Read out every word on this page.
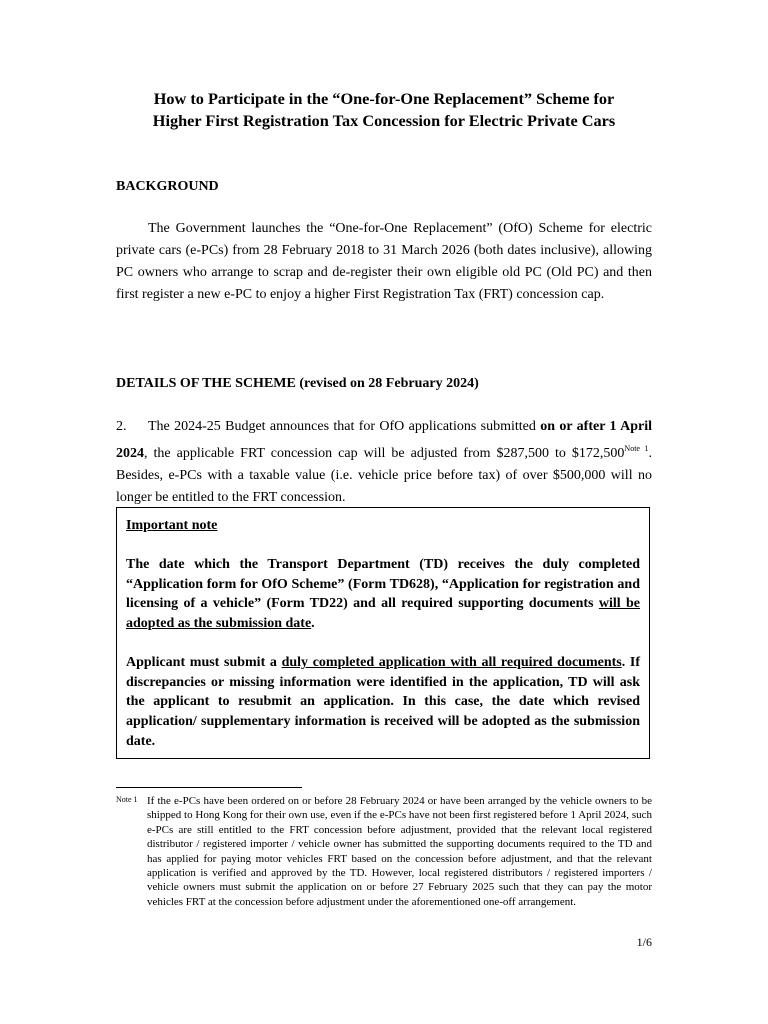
How to Participate in the “One-for-One Replacement” Scheme for
Higher First Registration Tax Concession for Electric Private Cars
BACKGROUND
The Government launches the “One-for-One Replacement” (OfO) Scheme for electric private cars (e-PCs) from 28 February 2018 to 31 March 2026 (both dates inclusive), allowing PC owners who arrange to scrap and de-register their own eligible old PC (Old PC) and then first register a new e-PC to enjoy a higher First Registration Tax (FRT) concession cap.
DETAILS OF THE SCHEME (revised on 28 February 2024)
2. The 2024-25 Budget announces that for OfO applications submitted on or after 1 April 2024, the applicable FRT concession cap will be adjusted from $287,500 to $\$172,500^{Note 1}$. Besides, e-PCs with a taxable value (i.e. vehicle price before tax) of over $500,000 will no longer be entitled to the FRT concession.

Important note

The date which the Transport Department (TD) receives the duly completed “Application form for OfO Scheme” (Form TD628), “Application for registration and licensing of a vehicle” (Form TD22) and all required supporting documents will be adopted as the submission date.

Applicant must submit a duly completed application with all required documents. If discrepancies or missing information were identified in the application, TD will ask the applicant to resubmit an application. In this case, the date which revised application/ supplementary information is received will be adopted as the submission date.

Note 1 If the e-PCs have been ordered on or before 28 February 2024 or have been arranged by the vehicle owners to be shipped to Hong Kong for their own use, even if the e-PCs have not been first registered before 1 April 2024, such e-PCs are still entitled to the FRT concession before adjustment, provided that the relevant local registered distributor / registered importer / vehicle owner has submitted the supporting documents required to the TD and has applied for paying motor vehicles FRT based on the concession before adjustment, and that the relevant application is verified and approved by the TD. However, local registered distributors / registered importers / vehicle owners must submit the application on or before 27 February 2025 such that they can pay the motor vehicles FRT at the concession before adjustment under the aforementioned one-off arrangement.
1/6
